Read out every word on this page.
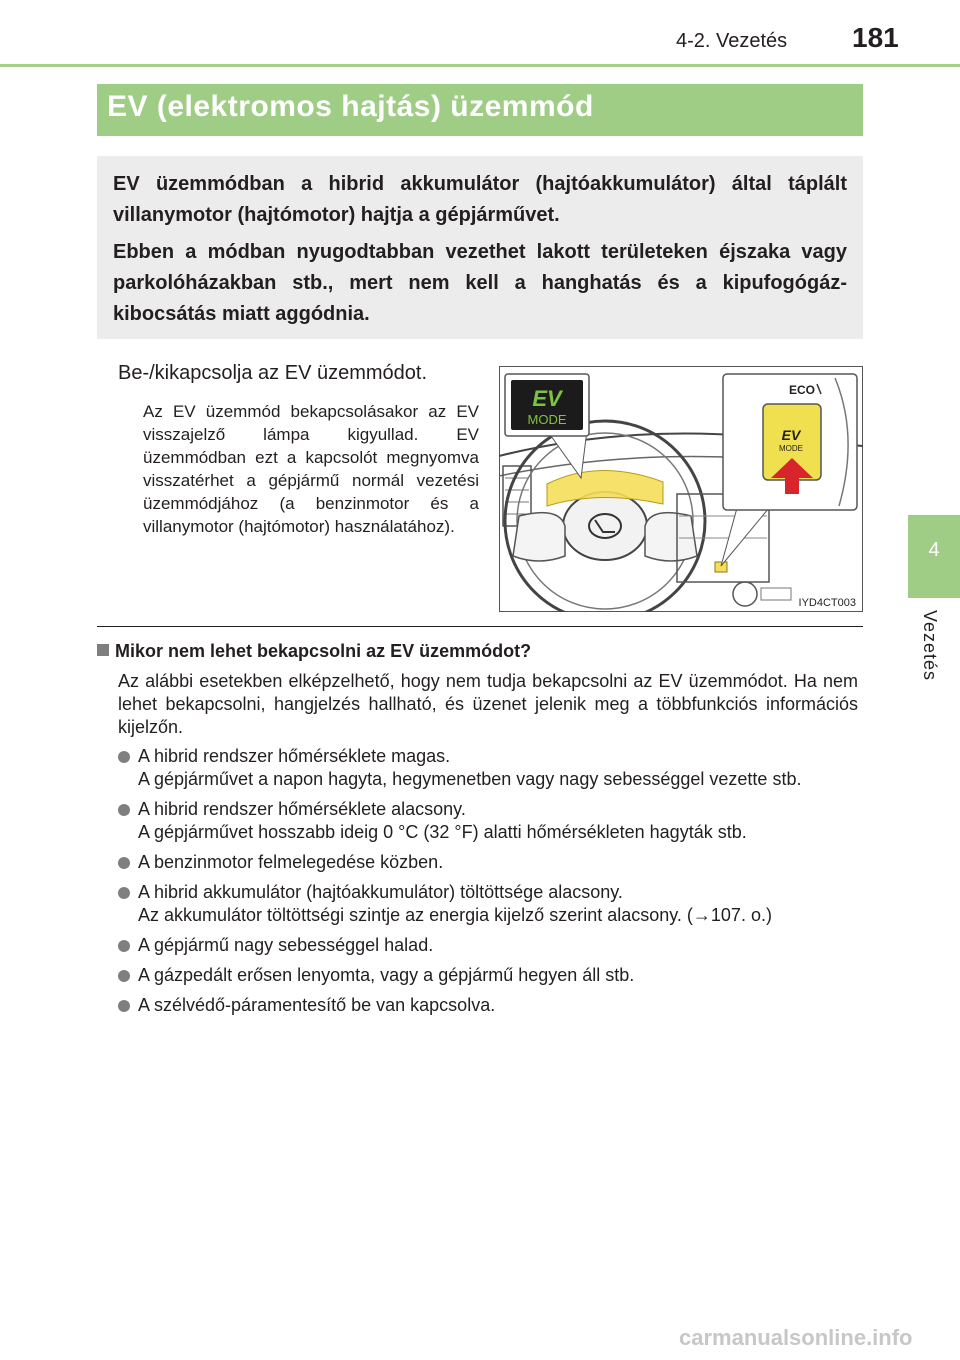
4-2. Vezetés 181
4
Vezetés
EV (elektromos hajtás) üzemmód

EV üzemmódban a hibrid akkumulátor (hajtóakkumulátor) által táplált villanymotor (hajtómotor) hajtja a gépjárművet.

Ebben a módban nyugodtabban vezethet lakott területeken éjszaka vagy parkolóházakban stb., mert nem kell a hanghatás és a kipufogógáz-kibocsátás miatt aggódnia.

Be-/kikapcsolja az EV üzemmódot.
Az EV üzemmód bekapcsolásakor az EV visszajelző lámpa kigyullad. EV üzemmódban ezt a kapcsolót megnyomva visszatérhet a gépjármű normál vezetési üzemmódjához (a benzinmotor és a villanymotor (hajtómotor) használatához).
EV
MODE
ECO
EV
MODE
IYD4CT003
Mikor nem lehet bekapcsolni az EV üzemmódot?
Az alábbi esetekben elképzelhető, hogy nem tudja bekapcsolni az EV üzemmódot. Ha nem lehet bekapcsolni, hangjelzés hallható, és üzenet jelenik meg a többfunkciós információs kijelzőn.
A hibrid rendszer hőmérséklete magas.
A gépjárművet a napon hagyta, hegymenetben vagy nagy sebességgel vezette stb.
A hibrid rendszer hőmérséklete alacsony.
A gépjárművet hosszabb ideig 0 °C (32 °F) alatti hőmérsékleten hagyták stb.
A benzinmotor felmelegedése közben.
A hibrid akkumulátor (hajtóakkumulátor) töltöttsége alacsony.
Az akkumulátor töltöttségi szintje az energia kijelző szerint alacsony. (→107. o.)
A gépjármű nagy sebességgel halad.
A gázpedált erősen lenyomta, vagy a gépjármű hegyen áll stb.
A szélvédő-páramentesítő be van kapcsolva.
carmanualsonline.info
